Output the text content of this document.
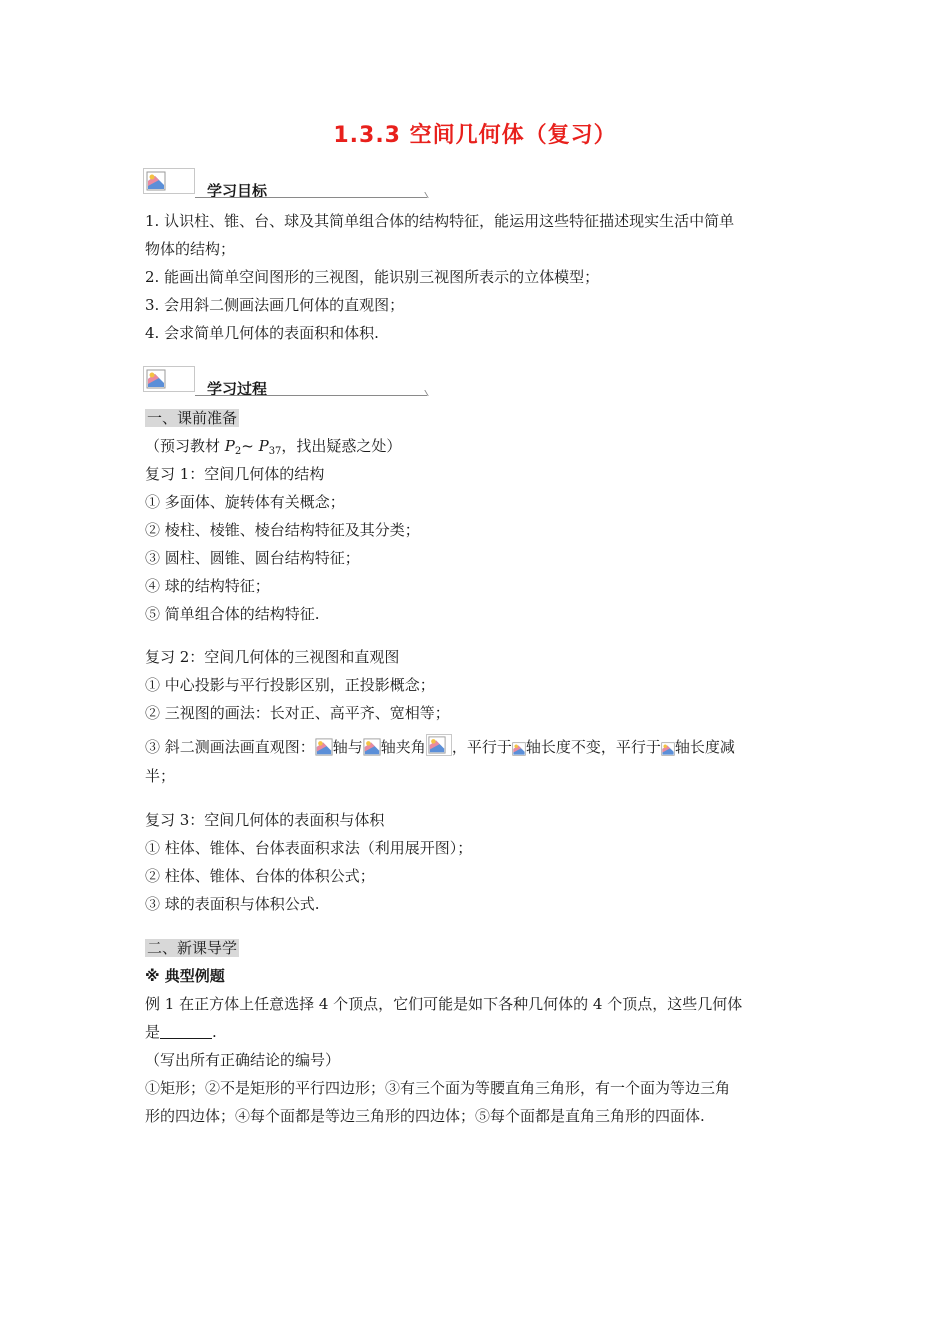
1.3.3 空间几何体（复习）
学习目标
1. 认识柱、锥、台、球及其简单组合体的结构特征，能运用这些特征描述现实生活中简单
物体的结构；
2. 能画出简单空间图形的三视图，能识别三视图所表示的立体模型；
3. 会用斜二侧画法画几何体的直观图；
4. 会求简单几何体的表面积和体积.
学习过程
一、课前准备
（预习教材 $P_2\sim$ $P_{37}$，找出疑惑之处）
复习 1：空间几何体的结构
① 多面体、旋转体有关概念；
② 棱柱、棱锥、棱台结构特征及其分类；
③ 圆柱、圆锥、圆台结构特征；
④ 球的结构特征；
⑤ 简单组合体的结构特征.
复习 2：空间几何体的三视图和直观图
① 中心投影与平行投影区别，正投影概念；
② 三视图的画法：长对正、高平齐、宽相等；
③ 斜二测画法画直观图： 轴与 轴夹角 ，平行于 轴长度不变，平行于 轴长度减
半；
复习 3：空间几何体的表面积与体积
① 柱体、锥体、台体表面积求法（利用展开图）；
② 柱体、锥体、台体的体积公式；
③ 球的表面积与体积公式.
二、新课导学
※ 典型例题
例 1 在正方体上任意选择 4 个顶点，它们可能是如下各种几何体的 4 个顶点，这些几何体
是	.
（写出所有正确结论的编号）
①矩形；②不是矩形的平行四边形；③有三个面为等腰直角三角形，有一个面为等边三角
形的四边体；④每个面都是等边三角形的四边体；⑤每个面都是直角三角形的四面体.
